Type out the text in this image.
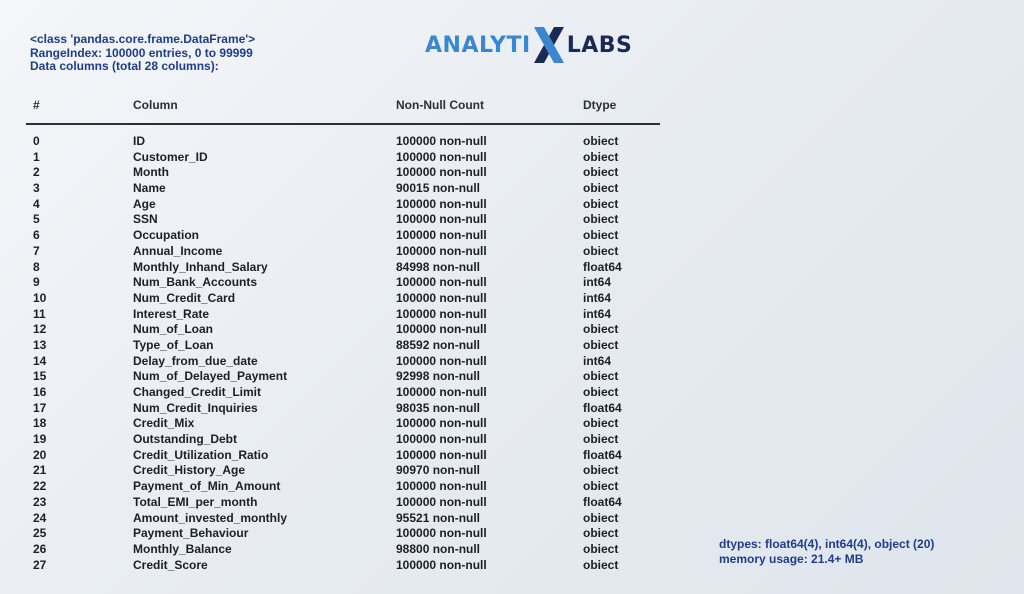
<class 'pandas.core.frame.DataFrame'>
RangeIndex: 100000 entries, 0 to 99999
Data columns (total 28 columns):
ANALYTI LABS
#	Column	Non-Null Count	Dtype
0	ID	100000 non-null	obiect
1	Customer_ID	100000 non-null	obiect
2	Month	100000 non-null	obiect
3	Name	90015 non-null	obiect
4	Age	100000 non-null	obiect
5	SSN	100000 non-null	obiect
6	Occupation	100000 non-null	obiect
7	Annual_Income	100000 non-null	obiect
8	Monthly_Inhand_Salary	84998 non-null	float64
9	Num_Bank_Accounts	100000 non-null	int64
10	Num_Credit_Card	100000 non-null	int64
11	Interest_Rate	100000 non-null	int64
12	Num_of_Loan	100000 non-null	obiect
13	Type_of_Loan	88592 non-null	obiect
14	Delay_from_due_date	100000 non-null	int64
15	Num_of_Delayed_Payment	92998 non-null	obiect
16	Changed_Credit_Limit	100000 non-null	obiect
17	Num_Credit_Inquiries	98035 non-null	float64
18	Credit_Mix	100000 non-null	obiect
19	Outstanding_Debt	100000 non-null	obiect
20	Credit_Utilization_Ratio	100000 non-null	float64
21	Credit_History_Age	90970 non-null	obiect
22	Payment_of_Min_Amount	100000 non-null	obiect
23	Total_EMI_per_month	100000 non-null	float64
24	Amount_invested_monthly	95521 non-null	obiect
25	Payment_Behaviour	100000 non-null	obiect
26	Monthly_Balance	98800 non-null	obiect
27	Credit_Score	100000 non-null	obiect
dtypes: float64(4), int64(4), object (20)
memory usage: 21.4+ MB
